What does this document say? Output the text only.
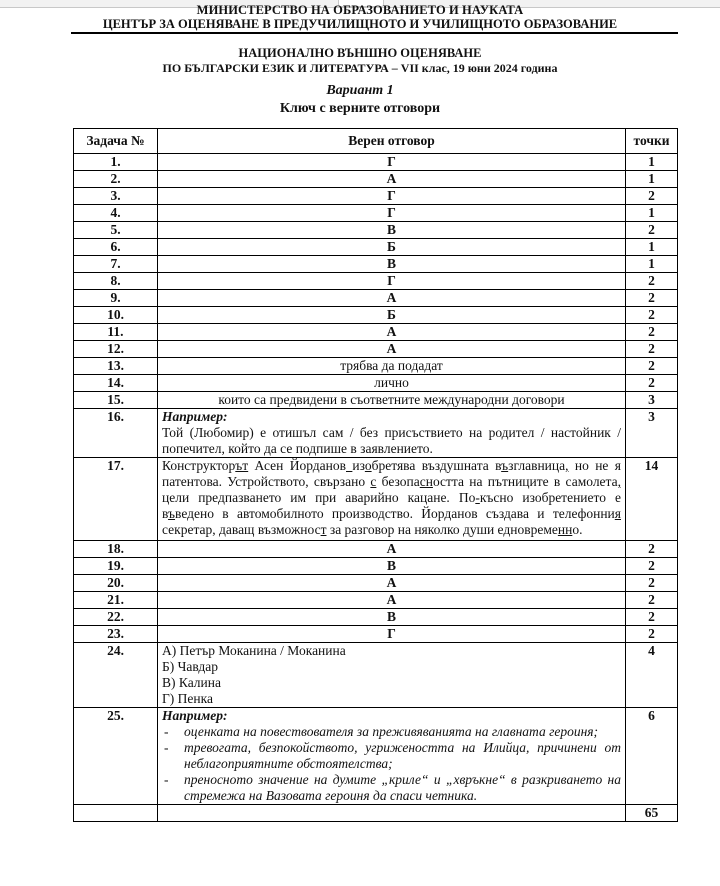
МИНИСТЕРСТВО НА ОБРАЗОВАНИЕТО И НАУКАТА
ЦЕНТЪР ЗА ОЦЕНЯВАНЕ В ПРЕДУЧИЛИЩНОТО И УЧИЛИЩНОТО ОБРАЗОВАНИЕ
НАЦИОНАЛНО ВЪНШНО ОЦЕНЯВАНЕ
ПО БЪЛГАРСКИ ЕЗИК И ЛИТЕРАТУРА – VII клас, 19 юни 2024 година
Вариант 1
Ключ с верните отговори
Задача №	Верен отговор	точки
1.	Г	1
2.	А	1
3.	Г	2
4.	Г	1
5.	В	2
6.	Б	1
7.	В	1
8.	Г	2
9.	А	2
10.	Б	2
11.	А	2
12.	А	2
13.	трябва да подадат	2
14.	лично	2
15.	които са предвидени в съответните международни договори	3
16.	Например:
Той (Любомир) е отишъл сам / без присъствието на родител / настойник / попечител, който да се подпише в заявлението.	3
17.	Конструкторът Асен Йорданов изобретява въздушната възглавница, но не я патентова. Устройството, свързано с безопасността на пътниците в самолета, цели предпазването им при аварийно кацане. По-късно изобретението е въведено в автомобилното производство. Йорданов създава и телефонния секретар, даващ възможност за разговор на няколко души едновременно.	14
18.	А	2
19.	В	2
20.	А	2
21.	А	2
22.	В	2
23.	Г	2
24.	А) Петър Моканина / Моканина
Б) Чавдар
В) Калина
Г) Пенка	4
25.	Например:
- оценката на повествователя за преживяванията на главната героиня;
- тревогата, безпокойството, угрижеността на Илийца, причинени от неблагоприятните обстоятелства;
- преносното значение на думите „криле“ и „хвръкне“ в разкриването на стремежа на Вазовата героиня да спаси четника.
	6
		65
